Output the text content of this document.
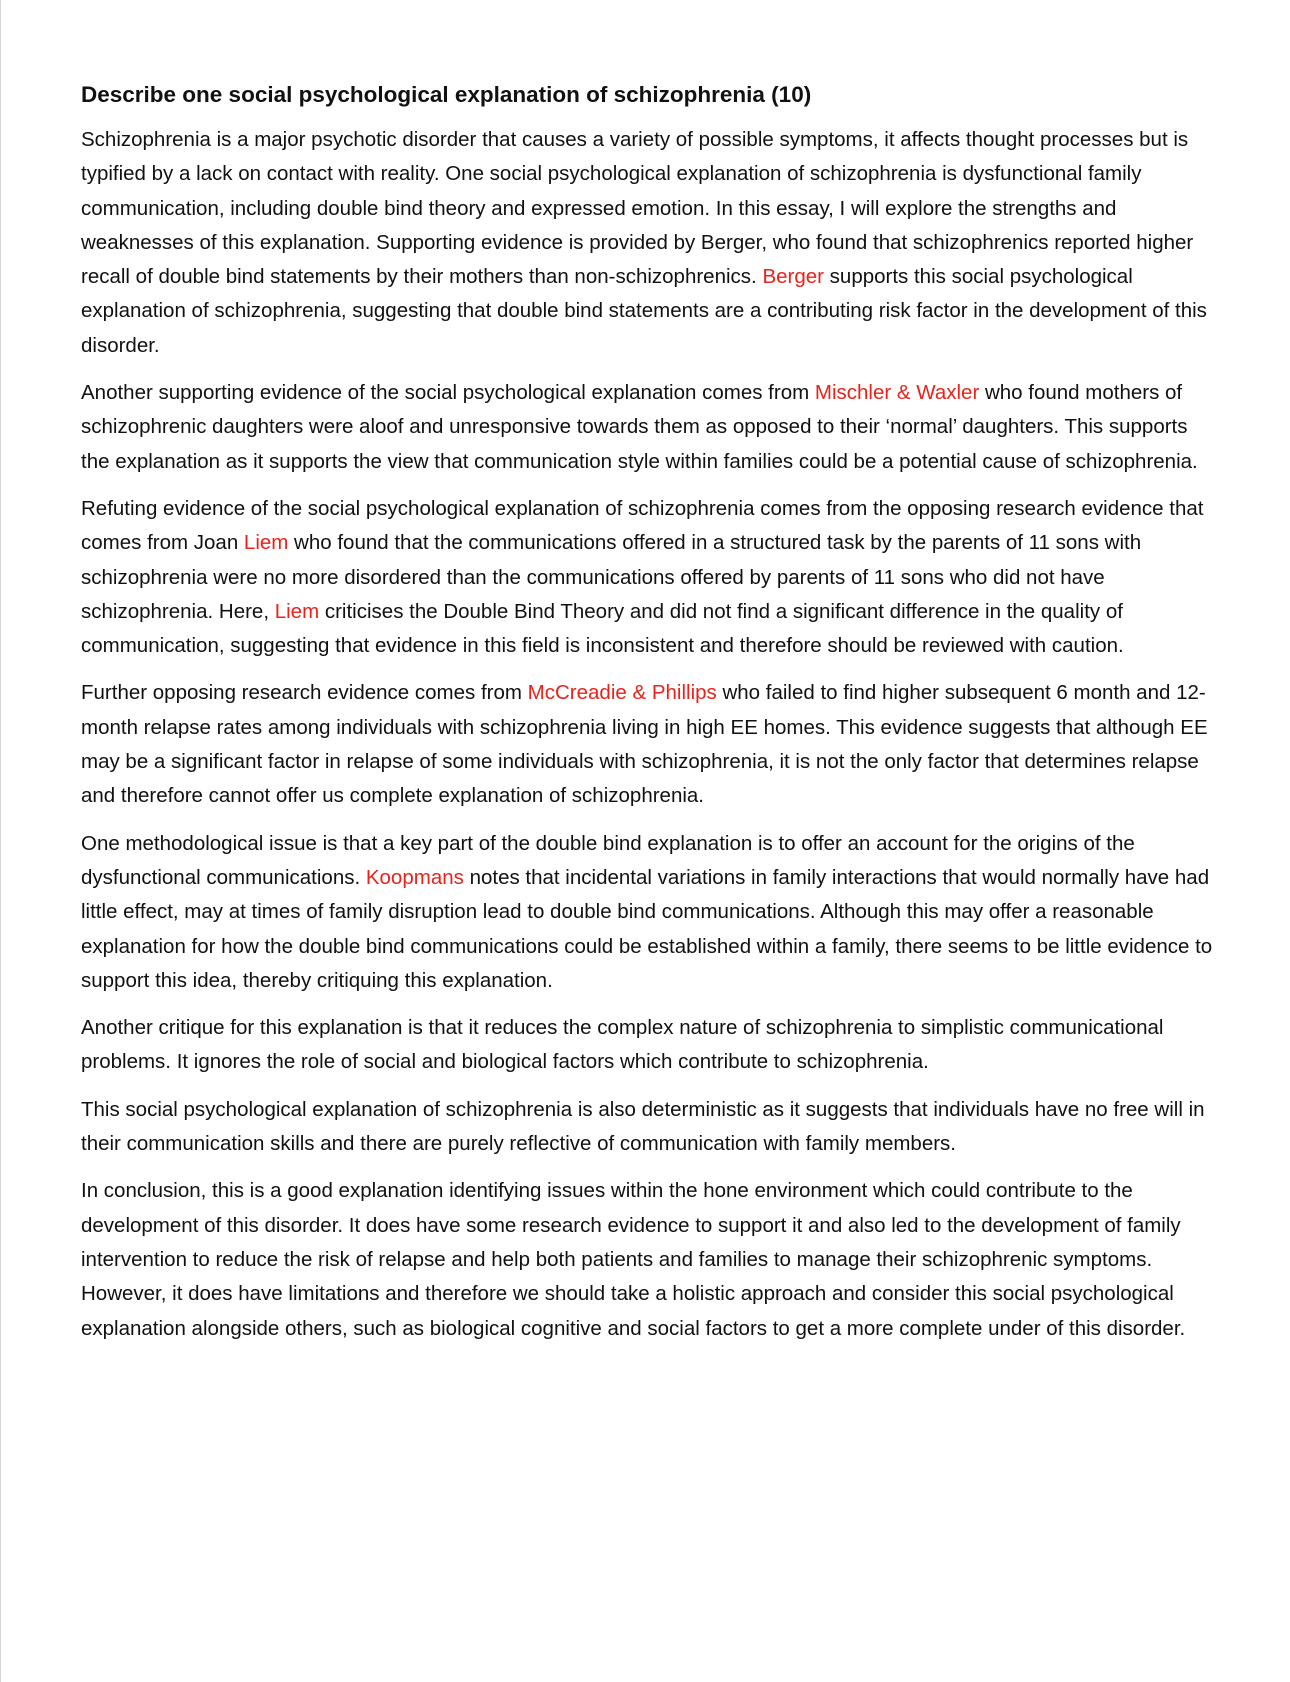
Describe one social psychological explanation of schizophrenia (10)

Schizophrenia is a major psychotic disorder that causes a variety of possible symptoms, it affects thought processes but is typified by a lack on contact with reality. One social psychological explanation of schizophrenia is dysfunctional family communication, including double bind theory and expressed emotion. In this essay, I will explore the strengths and weaknesses of this explanation. Supporting evidence is provided by Berger, who found that schizophrenics reported higher recall of double bind statements by their mothers than non-schizophrenics. Berger supports this social psychological explanation of schizophrenia, suggesting that double bind statements are a contributing risk factor in the development of this disorder.

Another supporting evidence of the social psychological explanation comes from Mischler & Waxler who found mothers of schizophrenic daughters were aloof and unresponsive towards them as opposed to their ‘normal’ daughters. This supports the explanation as it supports the view that communication style within families could be a potential cause of schizophrenia.

Refuting evidence of the social psychological explanation of schizophrenia comes from the opposing research evidence that comes from Joan Liem who found that the communications offered in a structured task by the parents of 11 sons with schizophrenia were no more disordered than the communications offered by parents of 11 sons who did not have schizophrenia. Here, Liem criticises the Double Bind Theory and did not find a significant difference in the quality of communication, suggesting that evidence in this field is inconsistent and therefore should be reviewed with caution.

Further opposing research evidence comes from McCreadie & Phillips who failed to find higher subsequent 6 month and 12-month relapse rates among individuals with schizophrenia living in high EE homes. This evidence suggests that although EE may be a significant factor in relapse of some individuals with schizophrenia, it is not the only factor that determines relapse and therefore cannot offer us complete explanation of schizophrenia.

One methodological issue is that a key part of the double bind explanation is to offer an account for the origins of the dysfunctional communications. Koopmans notes that incidental variations in family interactions that would normally have had little effect, may at times of family disruption lead to double bind communications. Although this may offer a reasonable explanation for how the double bind communications could be established within a family, there seems to be little evidence to support this idea, thereby critiquing this explanation.

Another critique for this explanation is that it reduces the complex nature of schizophrenia to simplistic communicational problems. It ignores the role of social and biological factors which contribute to schizophrenia.

This social psychological explanation of schizophrenia is also deterministic as it suggests that individuals have no free will in their communication skills and there are purely reflective of communication with family members.

In conclusion, this is a good explanation identifying issues within the hone environment which could contribute to the development of this disorder. It does have some research evidence to support it and also led to the development of family intervention to reduce the risk of relapse and help both patients and families to manage their schizophrenic symptoms. However, it does have limitations and therefore we should take a holistic approach and consider this social psychological explanation alongside others, such as biological cognitive and social factors to get a more complete under of this disorder.
